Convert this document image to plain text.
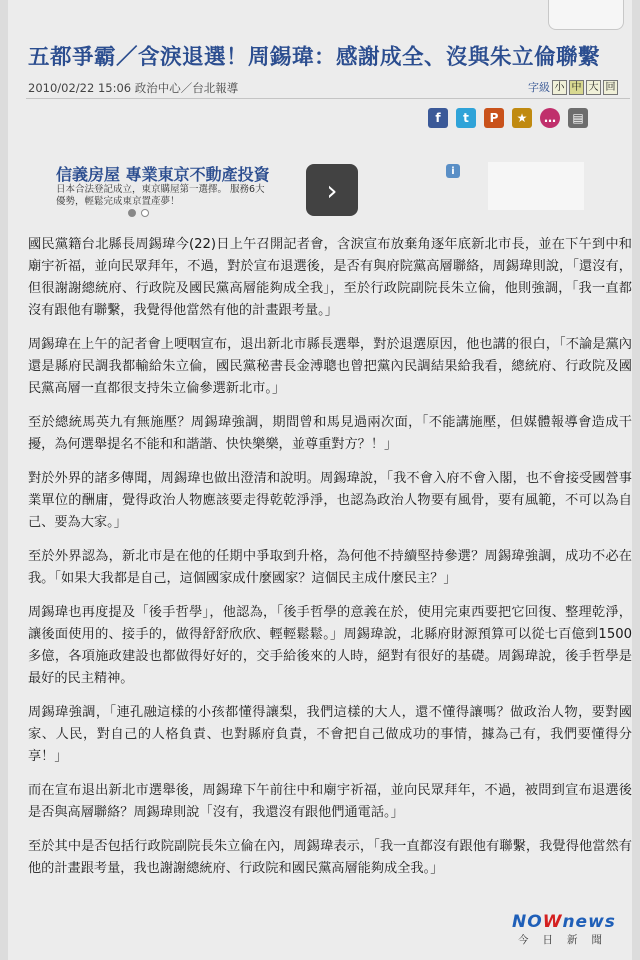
五都爭霸／含淚退選！周錫瑋：感謝成全、沒與朱立倫聯繫
2010/02/22 15:06 政治中心／台北報導	字級 小 中 大 回
f	t	P	★	…	▤
信義房屋 專業東京不動產投資
日本合法登記成立，東京購屋第一選擇。 服務6大優勢，輕鬆完成東京置產夢！	›
i

國民黨籍台北縣長周錫瑋今(22)日上午召開記者會，含淚宣布放棄角逐年底新北市長，並在下午到中和廟宇祈福，並向民眾拜年，不過，對於宣布退選後，是否有與府院黨高層聯絡，周錫瑋則說，「還沒有，但很謝謝總統府、行政院及國民黨高層能夠成全我」，至於行政院副院長朱立倫，他則強調，「我一直都沒有跟他有聯繫，我覺得他當然有他的計畫跟考量。」

周錫瑋在上午的記者會上哽咽宣布，退出新北市縣長選舉，對於退選原因，他也講的很白，「不論是黨內還是縣府民調我都輸給朱立倫，國民黨秘書長金溥聰也曾把黨內民調結果給我看，總統府、行政院及國民黨高層一直都很支持朱立倫參選新北市。」

至於總統馬英九有無施壓？周錫瑋強調，期間曾和馬見過兩次面，「不能講施壓，但媒體報導會造成干擾，為何選舉提名不能和和諧諧、快快樂樂，並尊重對方？！」

對於外界的諸多傳聞，周錫瑋也做出澄清和說明。周錫瑋說，「我不會入府不會入閣，也不會接受國營事業單位的酬庸，覺得政治人物應該要走得乾乾淨淨，也認為政治人物要有風骨，要有風範，不可以為自己、要為大家。」

至於外界認為，新北市是在他的任期中爭取到升格，為何他不持續堅持參選？周錫瑋強調，成功不必在我。「如果大我都是自己，這個國家成什麼國家？這個民主成什麼民主？」

周錫瑋也再度提及「後手哲學」，他認為，「後手哲學的意義在於，使用完東西要把它回復、整理乾淨，讓後面使用的、接手的，做得舒舒欣欣、輕輕鬆鬆。」周錫瑋說，北縣府財源預算可以從七百億到1500多億，各項施政建設也都做得好好的，交手給後來的人時，絕對有很好的基礎。周錫瑋說，後手哲學是最好的民主精神。

周錫瑋強調，「連孔融這樣的小孩都懂得讓梨，我們這樣的大人，還不懂得讓嗎？做政治人物，要對國家、人民，對自己的人格負責、也對縣府負責，不會把自己做成功的事情，據為己有，我們要懂得分享！」

而在宣布退出新北市選舉後，周錫瑋下午前往中和廟宇祈福，並向民眾拜年，不過，被問到宣布退選後是否與高層聯絡？周錫瑋則說「沒有，我還沒有跟他們通電話。」

至於其中是否包括行政院副院長朱立倫在內，周錫瑋表示，「我一直都沒有跟他有聯繫，我覺得他當然有他的計畫跟考量，我也謝謝總統府、行政院和國民黨高層能夠成全我。」

NOWnews
今日新聞
